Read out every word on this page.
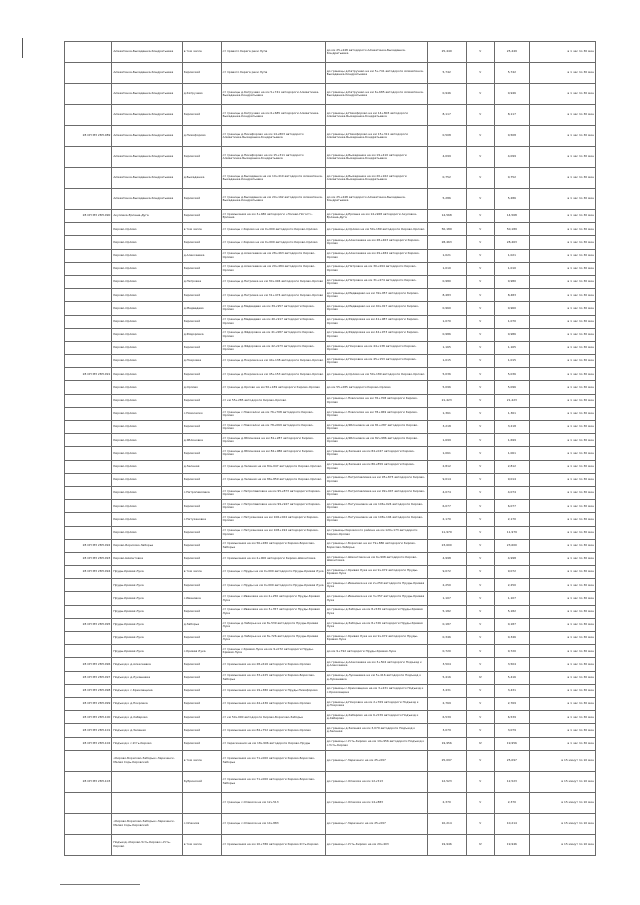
	Алмаатинка-Быхадашка-Кондратьевка	в том числе	от правого берега реки Лупа	до км 25+448 автодороги Алмаатинка-Быхадашка-Кондратьевка	25,449	V	25,449	в 1 час по 30 мин
	Алмаатинка-Быхадашка-Кондратьевка	Кировский	от правого берега реки Лупа	до границы д.Катручево на км 5+741 автодороги Алмаатинка-Быхадашка-Кондратьевка	5,742	V	5,742	в 1 час по 30 мин
	Алмаатинка-Быхадашка-Кондратьевка	д.Катручево	от границы д.Катручево на км 5+741 автодороги Алмаатинка-Быхадашка-Кондратьевка	до границы д.Катручево на км 6+685 автодороги Алмаатинка-Быхадашка-Кондратьевка	0,946	V	0,946	в 1 час по 30 мин
	Алмаатинка-Быхадашка-Кондратьевка	Кировский	от границы д.Катручево на км 6+685 автодороги Алмаатинка-Быхадашка-Кондратьевка	до границы д.Никифорово на км 14+803 автодороги Алмаатинка-Быхадашка-Кондратьевка	8,117	V	8,117	в 1 час по 30 мин
28 ОП МЗ 28Н-089	Алмаатинка-Быхадашка-Кондратьевка	д.Никифорово	от границы д.Никифорово на км 14+803 автодороги Алмаатинка-Быхадашка-Кондратьевка	до границы д.Никифорово на км 15+311 автодороги Алмаатинка-Быхадашка-Кондратьевка	0,508	V	0,508	в 1 час по 30 мин
	Алмаатинка-Быхадашка-Кондратьевка	Кировский	от границы д.Никифорово на км 15+311 автодороги Алмаатинка-Быхадашка-Кондратьевка	до границы д.Быхадашка на км 19+410 автодороги Алмаатинка-Быхадашка-Кондратьевка	4,099	V	4,099	в 1 час по 30 мин
	Алмаатинка-Быхадашка-Кондратьевка	д.Быхадашка	от границы д.Быхадашка на км 19+410 автодороги Алмаатинка-Быхадашка-Кондратьевка	до границы д.Быхадашка на км 20+162 автодороги Алмаатинка-Быхадашка-Кондратьевка	0,752	V	0,752	в 1 час по 30 мин
	Алмаатинка-Быхадашка-Кондратьевка	Кировский	от границы д.Быхадашка на км 20+162 автодороги Алмаатинка-Быхадашка-Кондратьевка	до км 25+448 автодороги Алмаатинка-Быхадашка-Кондратьевка	5,286	V	5,286	в 1 час по 30 мин
28 ОП МЗ 28Н-090	Акуловка-Ерлаша-Дуга	Кировский	от примыкания на км 3+480 автодороги «Лосево-Погост»-Ерлаша	до границы д.Ерлаша на км 14+968 автодороги Акуловка-Ерлаша-Дуга	14,568	V	14,568	в 1 час по 30 мин
	Кирово-Орлово	в том числе	от границы с.Кирово на км 0+000 автодороги Кирово-Орлово	до границы д.Орлово на км 50+189 автодороги Кирово-Орлово	50,189	V	50,189	в 1 час по 30 мин
	Кирово-Орлово	Кировский	от границы с.Кирово на км 0+000 автодороги Кирово-Орлово	до границы д.Алексеевка на км 28+463 автодороги Кирово-Орлово	28,463	V	28,463	в 1 час по 30 мин
	Кирово-Орлово	д.Алексеевка	от границы д.Алексеевка на км 28+463 автодороги Кирово-Орлово	до границы д.Алексеевка на км 29+484 автодороги Кирово-Орлово	1,021	V	1,021	в 1 час по 30 мин
	Кирово-Орлово	Кировский	от границы д.Алексеевка на км 29+484 автодороги Кирово-Орлово	до границы д.Петровка на км 30+494 автодороги Кирово-Орлово	1,010	V	1,010	в 1 час по 30 мин
	Кирово-Орлово	д.Петровка	от границы д.Петровка на км 30+494 автодороги Кирово-Орлово	до границы д.Петровка на км 31+474 автодороги Кирово-Орлово	0,980	V	0,980	в 1 час по 30 мин
	Кирово-Орлово	Кировский	от границы д.Петровка на км 31+474 автодороги Кирово-Орлово	до границы д.Медведево на км 39+957 автодороги Кирово-Орлово	8,483	V	8,483	в 1 час по 30 мин
	Кирово-Орлово	д.Медведево	от границы д.Медведево на км 39+957 автодороги Кирово-Орлово	до границы д.Медведево на км 40+917 автодороги Кирово-Орлово	0,960	V	0,960	в 1 час по 30 мин
	Кирово-Орлово	Кировский	от границы д.Медведево на км 40+917 автодороги Кирово-Орлово	до границы д.Фёдоровка на км 41+987 автодороги Кирово-Орлово	1,070	V	1,070	в 1 час по 30 мин
	Кирово-Орлово	д.Фёдоровка	от границы д.Фёдоровка на км 41+987 автодороги Кирово-Орлово	до границы д.Фёдоровка на км 42+973 автодороги Кирово-Орлово	0,986	V	0,986	в 1 час по 30 мин
	Кирово-Орлово	Кировский	от границы д.Фёдоровка на км 42+973 автодороги Кирово-Орлово	до границы д.Покровка на км 44+138 автодороги Кирово-Орлово	1,165	V	1,165	в 1 час по 30 мин
	Кирово-Орлово	д.Покровка	от границы д.Покровка на км 44+138 автодороги Кирово-Орлово	до границы д.Покровка на км 45+153 автодороги Кирово-Орлово	1,015	V	1,015	в 1 час по 30 мин
28 ОП МЗ 28Н-091	Кирово-Орлово	Кировский	от границы д.Покровка на км 45+153 автодороги Кирово-Орлово	до границы д.Орлово на км 50+189 автодороги Кирово-Орлово	5,036	V	5,036	в 1 час по 30 мин
	Кирово-Орлово	д.Орлово	от границы д.Орлово на км 50+189 автодороги Кирово-Орлово	до км 55+285 автодороги Кирово-Орлово	5,096	V	5,096	в 1 час по 30 мин
	Кирово-Орлово	Кировский	от км 55+285 автодороги Кирово-Орлово	до границы с.Новоселки на км 76+708 автодороги Кирово-Орлово	21,423	V	21,423	в 1 час по 30 мин
	Кирово-Орлово	с.Новоселки	от границы с.Новоселки на км 76+708 автодороги Кирово-Орлово	до границы с.Новоселки на км 78+069 автодороги Кирово-Орлово	1,361	V	1,361	в 1 час по 30 мин
	Кирово-Орлово	Кировский	от границы с.Новоселки на км 78+069 автодороги Кирово-Орлово	до границы д.Яблоновка на км 81+287 автодороги Кирово-Орлово	3,218	V	3,218	в 1 час по 30 мин
	Кирово-Орлово	д.Яблоновка	от границы д.Яблоновка на км 81+287 автодороги Кирово-Орлово	до границы д.Яблоновка на км 82+986 автодороги Кирово-Орлово	1,699	V	1,699	в 1 час по 30 мин
	Кирово-Орлово	Кировский	от границы д.Яблоновка на км 82+986 автодороги Кирово-Орлово	до границы д.Зеленая на км 84+047 автодороги Кирово-Орлово	1,061	V	1,061	в 1 час по 30 мин
	Кирово-Орлово	д.Зеленая	от границы д.Зеленая на км 84+047 автодороги Кирово-Орлово	до границы д.Зеленая на км 86+859 автодороги Кирово-Орлово	2,812	V	2,812	в 1 час по 30 мин
	Кирово-Орлово	Кировский	от границы д.Зеленая на км 86+859 автодороги Кирово-Орлово	до границы с.Петропавловка на км 95+873 автодороги Кирово-Орлово	9,014	V	9,014	в 1 час по 30 мин
	Кирово-Орлово	с.Петропавловка	от границы с.Петропавловка на км 95+873 автодороги Кирово-Орлово	до границы с.Петропавловка на км 99+947 автодороги Кирово-Орлово	4,074	V	4,074	в 1 час по 30 мин
	Кирово-Орлово	Кировский	от границы с.Петропавловка на км 99+947 автодороги Кирово-Орлово	до границы с.Петухановка на км 106+024 автодороги Кирово-Орлово	6,077	V	6,077	в 1 час по 30 мин
	Кирово-Орлово	с.Петухановка	от границы с.Петухановка на км 106+024 автодороги Кирово-Орлово	до границы с.Петухановка на км 108+194 автодороги Кирово-Орлово	2,170	V	2,170	в 1 час по 30 мин
	Кирово-Орлово	Кировский	от границы с.Петухановка на км 108+194 автодороги Кирово-Орлово	до границы Кировского района на км 120+173 автодороги Кирово-Орлово	11,979	V	11,979	в 1 час по 30 мин
28 ОП МЗ 28Н-092	Кирово-Борисово-Заборье	Кировский	от примыкания на км 56+280 автодороги Кирово-Борисово-Заборье	до границы с.Борисово на км 79+880 автодороги Кирово-Борисово-Заборье	23,600	V	23,600	в 1 час по 30 мин
28 ОП МЗ 28Н-093	Кирово-Шмонтовка	Кировский	от примыкания на км 2+000 автодороги Кирово-Шмонтовка	до границы с.Шмонтовка на км 6+998 автодороги Кирово-Шмонтовка	4,998	V	4,998	в 1 час по 30 мин
28 ОП МЗ 28Н-094	Пруды-Кривая Лука	в том числе	от границы с.Пруды на км 0+000 автодороги Пруды-Кривая Лука	до границы с.Кривая Лука на км 9+072 автодороги Пруды-Кривая Лука	9,072	V	9,072	в 1 час по 30 мин
	Пруды-Кривая Лука	Кировский	от границы с.Пруды на км 0+000 автодороги Пруды-Кривая Лука	до границы с.Ивановка на км 2+250 автодороги Пруды-Кривая Лука	2,250	V	2,250	в 1 час по 30 мин
	Пруды-Кривая Лука	с.Ивановка	от границы с.Ивановка на км 2+250 автодороги Пруды-Кривая Лука	до границы с.Ивановка на км 3+357 автодороги Пруды-Кривая Лука	1,107	V	1,107	в 1 час по 30 мин
	Пруды-Кривая Лука	Кировский	от границы с.Ивановка на км 3+357 автодороги Пруды-Кривая Лука	до границы д.Заборье на км 8+539 автодороги Пруды-Кривая Лука	5,182	V	5,182	в 1 час по 30 мин
28 ОП МЗ 28Н-095	Пруды-Кривая Лука	д.Заборье	от границы д.Заборье на км 8+539 автодороги Пруды-Кривая Лука	до границы д.Заборье на км 8+726 автодороги Пруды-Кривая Лука	0,187	V	0,187	в 1 час по 30 мин
	Пруды-Кривая Лука	Кировский	от границы д.Заборье на км 8+726 автодороги Пруды-Кривая Лука	до границы с.Кривая Лука на км 9+072 автодороги Пруды-Кривая Лука	0,346	V	0,346	в 1 час по 30 мин
	Пруды-Кривая Лука	с.Кривая Лука	от границы с.Кривая Лука на км 9+072 автодороги Пруды-Кривая Лука	до км 9+792 автодороги Пруды-Кривая Лука	0,720	V	0,720	в 1 час по 30 мин
28 ОП МЗ 28Н-096	Подъезд к д.Алексеевка	Кировский	от примыкания на км 28+616 автодороги Кирово-Орлово	до границы д.Алексеевка на км 3+504 автодороги Подъезд к д.Алексеевка	3,504	V	3,504	в 1 час по 30 мин
28 ОП МЗ 28Н-097	Подъезд к д.Лукашевка	Кировский	от примыкания на км 33+225 автодороги Кирово-Борисово-Заборье	до границы д.Лукашевка на км 5+416 автодороги Подъезд к д.Лукашевка	5,416	IV	5,416	в 1 час по 30 мин
28 ОП МЗ 28Н-098	Подъезд к с.Крюковщина	Кировский	от примыкания на км 19+380 автодороги Пруды-Никифорово	до границы с.Крюковщина на км 3+431 автодороги Подъезд к с.Крюковщина	3,431	V	3,431	в 1 час по 30 мин
28 ОП МЗ 28Н-099	Подъезд к д.Покровка	Кировский	от примыкания на км 44+436 автодороги Кирово-Орлово	до границы д.Покровка на км 2+769 автодороги Подъезд к д.Покровка	2,769	V	2,769	в 1 час по 30 мин
28 ОП МЗ 28Н-100	Подъезд к д.Хабарово	Кировский	от км 50+000 автодороги Кирово-Борисово-Заборье	до границы д.Хабарово на км 6+539 автодороги Подъезд к д.Хабарово	6,539	V	6,539	в 1 час по 30 мин
28 ОП МЗ 28Н-101	Подъезд к д.Зеленая	Кировский	от примыкания на км 84+752 автодороги Кирово-Орлово	до границы д.Зеленая на км 3,079 автодороги Подъезд к д.Зеленая	3,079	V	3,079	в 1 час по 30 мин
28 ОП МЗ 28Н-102	Подъезд к с.Усть-Кирово	Кировский	от пересечения на км 18+906 автодороги Кирово-Пруды	до границы с.Усть-Кирово на км 19+956 автодороги Подъезд к с.Усть-Кирово	19,956	IV	19,956	в 1 час по 30 мин
	«Кирово-Борисово-Заборье»-Зареченск-Малая Сорь-Кировский	в том числе	от примыкания на км 71+000 автодороги Кирово-Борисово-Заборье	до границы г.Зареченск на км 25+097	25,097	V	25,097	в 15 минут по 10 мин
28 ОП МЗ 28Н-103		Кубринский	от примыкания на км 71+000 автодороги Кирово-Борисово-Заборье	до границы с.Опакиха на км 12+513	12,523	V	12,523	в 15 минут по 10 мин
			от границы с.Опакиха на км 12+513	до границы с.Опакиха на км 14+883	2,370	V	2,370	в 15 минут по 10 мин
	«Кирово-Борисово-Заборье»-Зареченск-Малая Сорь-Кировский	с.Опакиха	от границы с.Опакиха на км 14+883	до границы г.Зареченск на км 25+097	10,214	V	10,214	в 15 минут по 10 мин
	Подъезд «Кирово-Усть-Кирово»-Усть-Кирово	в том числе	от примыкания на км 10+786 автодороги Кирово-Усть-Кирово	до границы с.Усть-Кирово на км 20+403	19,946	IV	19,946	в 15 минут по 10 мин
